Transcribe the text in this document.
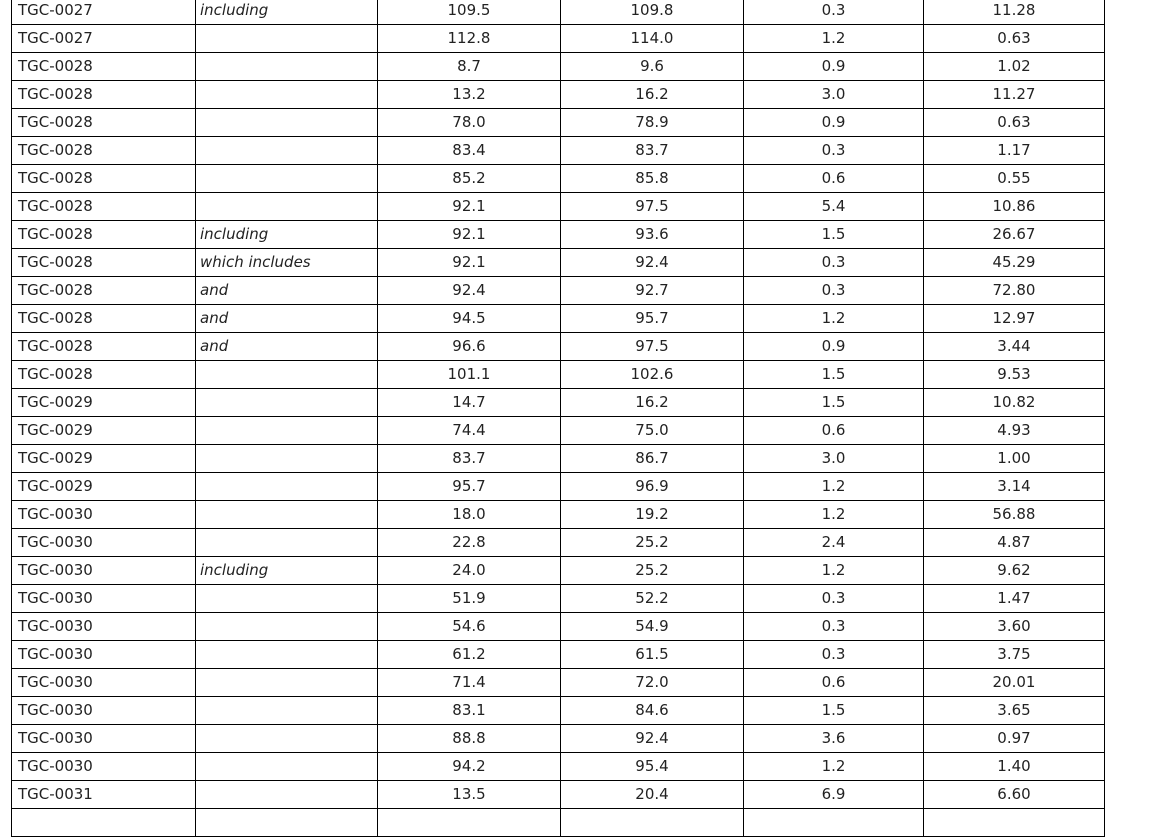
TGC-0027	including	109.5	109.8	0.3	11.28
TGC-0027		112.8	114.0	1.2	0.63
TGC-0028		8.7	9.6	0.9	1.02
TGC-0028		13.2	16.2	3.0	11.27
TGC-0028		78.0	78.9	0.9	0.63
TGC-0028		83.4	83.7	0.3	1.17
TGC-0028		85.2	85.8	0.6	0.55
TGC-0028		92.1	97.5	5.4	10.86
TGC-0028	including	92.1	93.6	1.5	26.67
TGC-0028	which includes	92.1	92.4	0.3	45.29
TGC-0028	and	92.4	92.7	0.3	72.80
TGC-0028	and	94.5	95.7	1.2	12.97
TGC-0028	and	96.6	97.5	0.9	3.44
TGC-0028		101.1	102.6	1.5	9.53
TGC-0029		14.7	16.2	1.5	10.82
TGC-0029		74.4	75.0	0.6	4.93
TGC-0029		83.7	86.7	3.0	1.00
TGC-0029		95.7	96.9	1.2	3.14
TGC-0030		18.0	19.2	1.2	56.88
TGC-0030		22.8	25.2	2.4	4.87
TGC-0030	including	24.0	25.2	1.2	9.62
TGC-0030		51.9	52.2	0.3	1.47
TGC-0030		54.6	54.9	0.3	3.60
TGC-0030		61.2	61.5	0.3	3.75
TGC-0030		71.4	72.0	0.6	20.01
TGC-0030		83.1	84.6	1.5	3.65
TGC-0030		88.8	92.4	3.6	0.97
TGC-0030		94.2	95.4	1.2	1.40
TGC-0031		13.5	20.4	6.9	6.60
